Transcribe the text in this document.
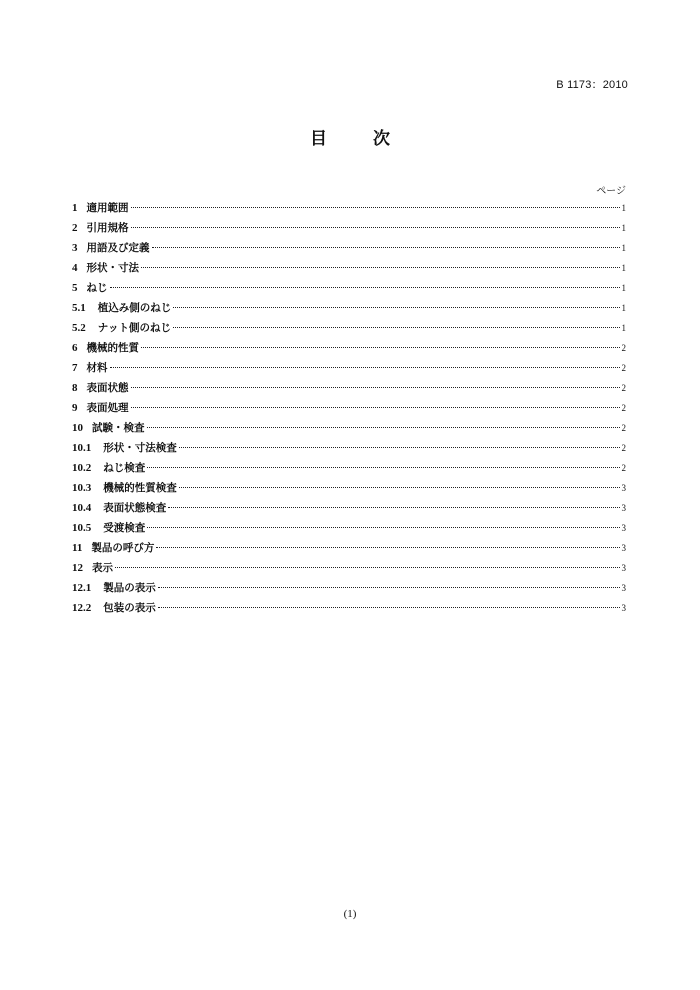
B 1173：2010
目 次
ページ
1 適用範囲	1
2 引用規格	1
3 用語及び定義	1
4 形状・寸法	1
5 ねじ	1
5.1	植込み側のねじ	1
5.2	ナット側のねじ	1
6 機械的性質	2
7 材料	2
8 表面状態	2
9 表面処理	2
10 試験・検査	2
10.1	形状・寸法検査	2
10.2	ねじ検査	2
10.3	機械的性質検査	3
10.4	表面状態検査	3
10.5	受渡検査	3
11 製品の呼び方	3
12 表示	3
12.1	製品の表示	3
12.2	包装の表示	3
(1)
